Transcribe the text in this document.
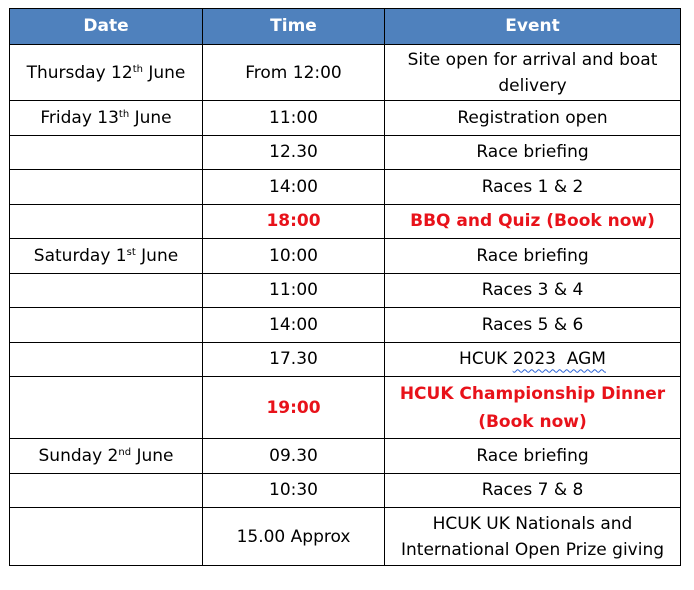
Date	Time	Event
Thursday 12th June	From 12:00	Site open for arrival and boat delivery
Friday 13th June	11:00	Registration open
	12.30	Race briefing
	14:00	Races 1 & 2
	18:00	BBQ and Quiz (Book now)
Saturday 1st June	10:00	Race briefing
	11:00	Races 3 & 4
	14:00	Races 5 & 6
	17.30	HCUK 2023  AGM
	19:00	HCUK Championship Dinner (Book now)
Sunday 2nd June	09.30	Race briefing
	10:30	Races 7 & 8
	15.00 Approx	HCUK UK Nationals and International Open Prize giving
